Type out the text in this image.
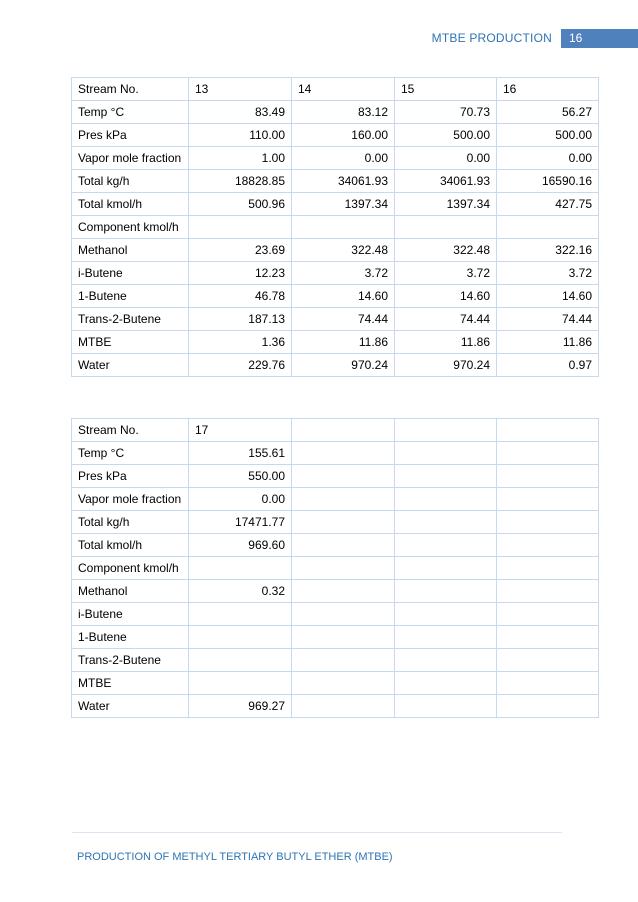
MTBE PRODUCTION	16
Stream No.	13	14	15	16
Temp °C	83.49	83.12	70.73	56.27
Pres kPa	110.00	160.00	500.00	500.00
Vapor mole fraction	1.00	0.00	0.00	0.00
Total kg/h	18828.85	34061.93	34061.93	16590.16
Total kmol/h	500.96	1397.34	1397.34	427.75
Component kmol/h				
Methanol	23.69	322.48	322.48	322.16
i-Butene	12.23	3.72	3.72	3.72
1-Butene	46.78	14.60	14.60	14.60
Trans-2-Butene	187.13	74.44	74.44	74.44
MTBE	1.36	11.86	11.86	11.86
Water	229.76	970.24	970.24	0.97
Stream No.	17			
Temp °C	155.61			
Pres kPa	550.00			
Vapor mole fraction	0.00			
Total kg/h	17471.77			
Total kmol/h	969.60			
Component kmol/h				
Methanol	0.32			
i-Butene				
1-Butene				
Trans-2-Butene				
MTBE				
Water	969.27			
PRODUCTION OF METHYL TERTIARY BUTYL ETHER (MTBE)
